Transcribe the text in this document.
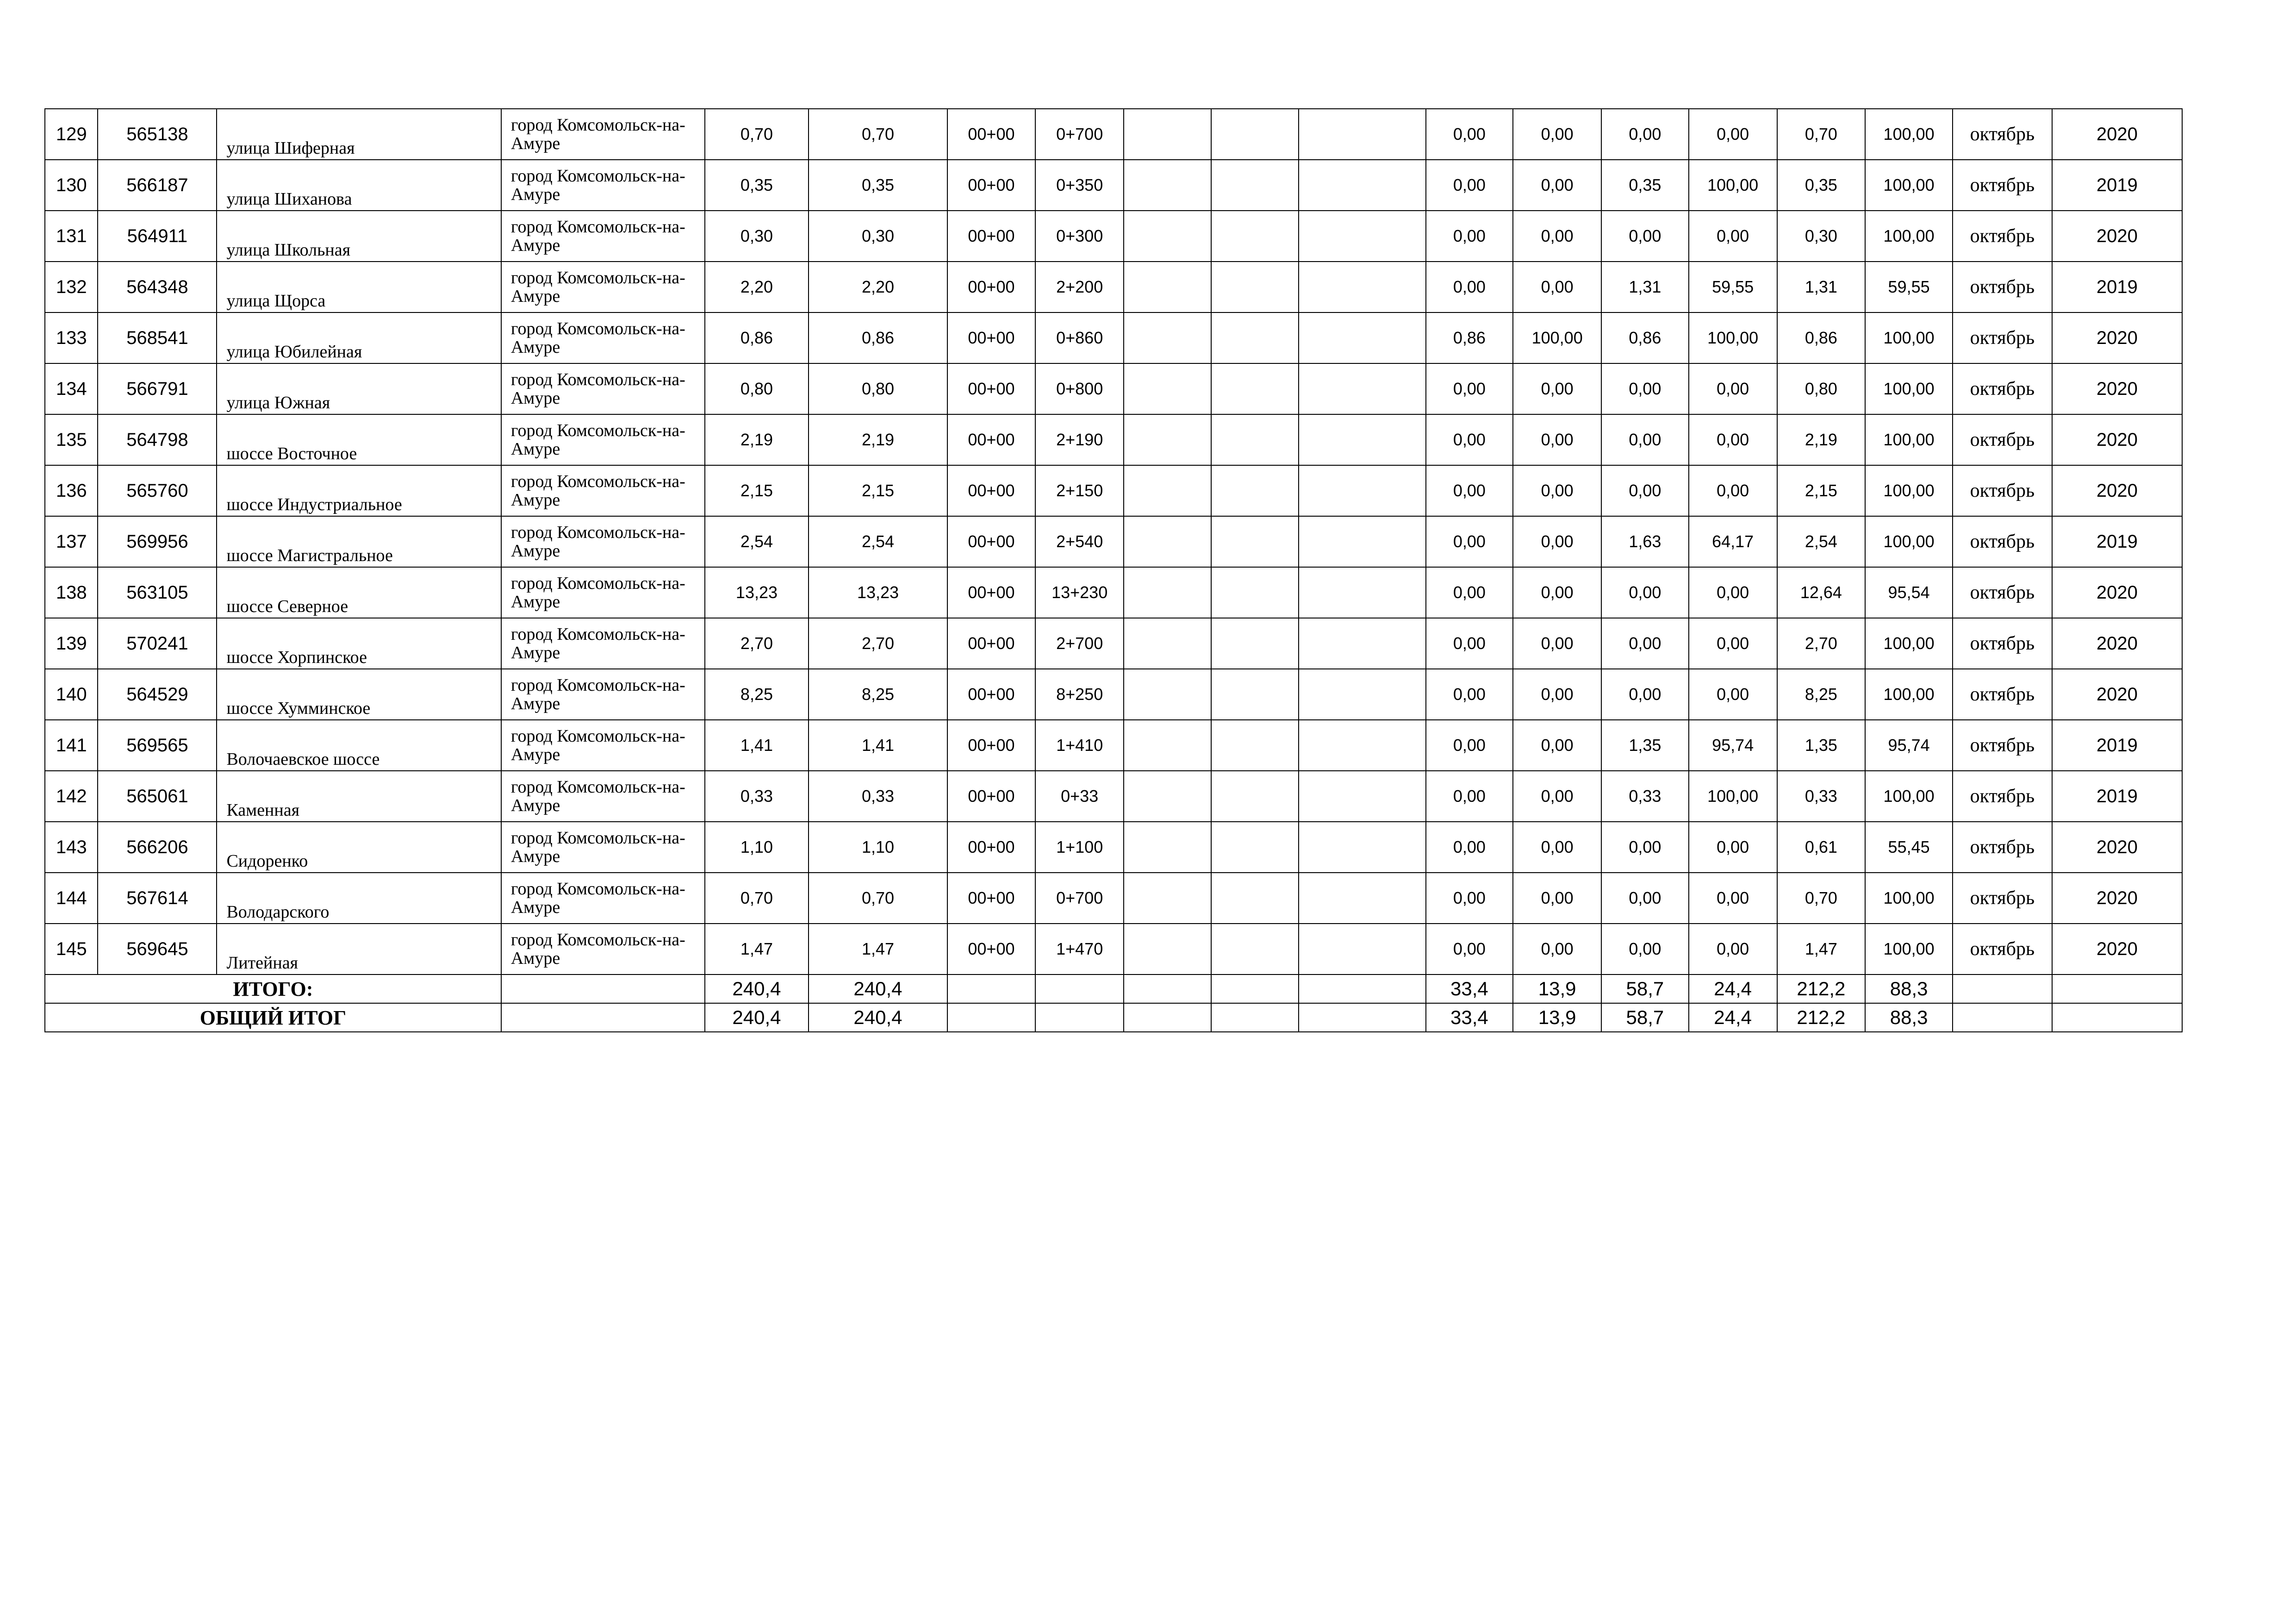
129	565138	улица Шиферная	город Комсомольск-на-Амуре	0,70	0,70	00+00	0+700				0,00	0,00	0,00	0,00	0,70	100,00	октябрь	2020
130	566187	улица Шиханова	город Комсомольск-на-Амуре	0,35	0,35	00+00	0+350				0,00	0,00	0,35	100,00	0,35	100,00	октябрь	2019
131	564911	улица Школьная	город Комсомольск-на-Амуре	0,30	0,30	00+00	0+300				0,00	0,00	0,00	0,00	0,30	100,00	октябрь	2020
132	564348	улица Щорса	город Комсомольск-на-Амуре	2,20	2,20	00+00	2+200				0,00	0,00	1,31	59,55	1,31	59,55	октябрь	2019
133	568541	улица Юбилейная	город Комсомольск-на-Амуре	0,86	0,86	00+00	0+860				0,86	100,00	0,86	100,00	0,86	100,00	октябрь	2020
134	566791	улица Южная	город Комсомольск-на-Амуре	0,80	0,80	00+00	0+800				0,00	0,00	0,00	0,00	0,80	100,00	октябрь	2020
135	564798	шоссе Восточное	город Комсомольск-на-Амуре	2,19	2,19	00+00	2+190				0,00	0,00	0,00	0,00	2,19	100,00	октябрь	2020
136	565760	шоссе Индустриальное	город Комсомольск-на-Амуре	2,15	2,15	00+00	2+150				0,00	0,00	0,00	0,00	2,15	100,00	октябрь	2020
137	569956	шоссе Магистральное	город Комсомольск-на-Амуре	2,54	2,54	00+00	2+540				0,00	0,00	1,63	64,17	2,54	100,00	октябрь	2019
138	563105	шоссе Северное	город Комсомольск-на-Амуре	13,23	13,23	00+00	13+230				0,00	0,00	0,00	0,00	12,64	95,54	октябрь	2020
139	570241	шоссе Хорпинское	город Комсомольск-на-Амуре	2,70	2,70	00+00	2+700				0,00	0,00	0,00	0,00	2,70	100,00	октябрь	2020
140	564529	шоссе Хумминское	город Комсомольск-на-Амуре	8,25	8,25	00+00	8+250				0,00	0,00	0,00	0,00	8,25	100,00	октябрь	2020
141	569565	Волочаевское шоссе	город Комсомольск-на-Амуре	1,41	1,41	00+00	1+410				0,00	0,00	1,35	95,74	1,35	95,74	октябрь	2019
142	565061	Каменная	город Комсомольск-на-Амуре	0,33	0,33	00+00	0+33				0,00	0,00	0,33	100,00	0,33	100,00	октябрь	2019
143	566206	Сидоренко	город Комсомольск-на-Амуре	1,10	1,10	00+00	1+100				0,00	0,00	0,00	0,00	0,61	55,45	октябрь	2020
144	567614	Володарского	город Комсомольск-на-Амуре	0,70	0,70	00+00	0+700				0,00	0,00	0,00	0,00	0,70	100,00	октябрь	2020
145	569645	Литейная	город Комсомольск-на-Амуре	1,47	1,47	00+00	1+470				0,00	0,00	0,00	0,00	1,47	100,00	октябрь	2020
ИТОГО:				240,4	240,4						33,4	13,9	58,7	24,4	212,2	88,3		
ОБЩИЙ ИТОГ				240,4	240,4						33,4	13,9	58,7	24,4	212,2	88,3		
